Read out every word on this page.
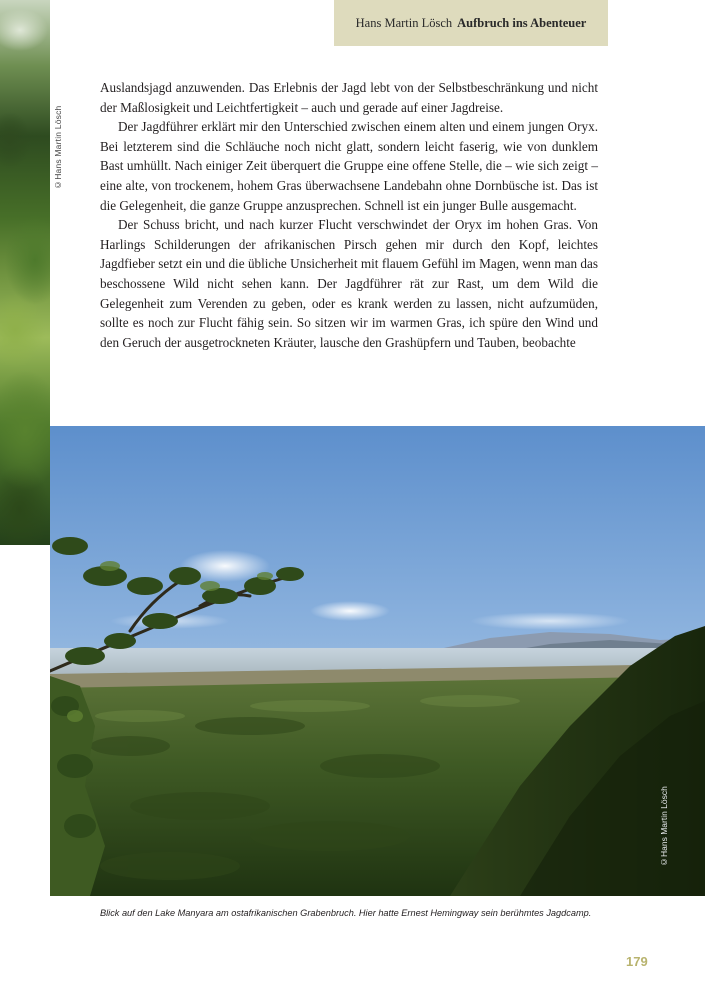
©Hans Martin Lösch
Hans Martin Lösch Aufbruch ins Abenteuer

Auslandsjagd anzuwenden. Das Erlebnis der Jagd lebt von der Selbstbeschränkung und nicht der Maßlosigkeit und Leichtfertigkeit – auch und gerade auf einer Jagdreise.

Der Jagdführer erklärt mir den Unterschied zwischen einem alten und einem jungen Oryx. Bei letzterem sind die Schläuche noch nicht glatt, sondern leicht faserig, wie von dunklem Bast umhüllt. Nach einiger Zeit überquert die Gruppe eine offene Stelle, die – wie sich zeigt – eine alte, von trockenem, hohem Gras überwachsene Landebahn ohne Dornbüsche ist. Das ist die Gelegenheit, die ganze Gruppe anzusprechen. Schnell ist ein junger Bulle ausgemacht.

Der Schuss bricht, und nach kurzer Flucht verschwindet der Oryx im hohen Gras. Von Harlings Schilderungen der afrikanischen Pirsch gehen mir durch den Kopf, leichtes Jagdfieber setzt ein und die übliche Unsicherheit mit flauem Gefühl im Magen, wenn man das beschossene Wild nicht sehen kann. Der Jagdführer rät zur Rast, um dem Wild die Gelegenheit zum Verenden zu geben, oder es krank werden zu lassen, nicht aufzumüden, sollte es noch zur Flucht fähig sein. So sitzen wir im warmen Gras, ich spüre den Wind und den Geruch der ausgetrockneten Kräuter, lausche den Grashüpfern und Tauben, beobachte

©Hans Martin Lösch
Blick auf den Lake Manyara am ostafrikanischen Grabenbruch. Hier hatte Ernest Hemingway sein berühmtes Jagdcamp.
179
